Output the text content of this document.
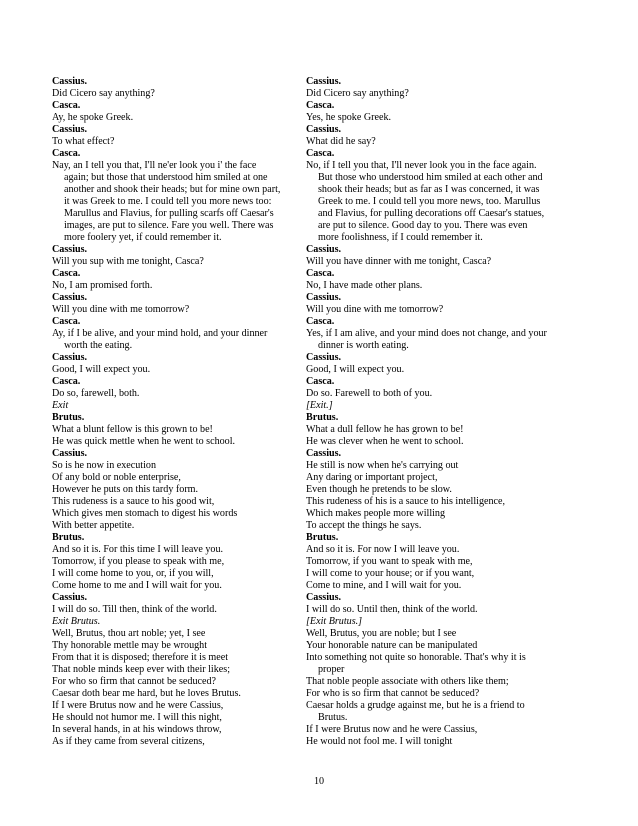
Cassius.
Did Cicero say anything?
Casca.
Ay, he spoke Greek.
Cassius.
To what effect?
Casca.
Nay, an I tell you that, I'll ne'er look you i' the face
again; but those that understood him smiled at one
another and shook their heads; but for mine own part,
it was Greek to me. I could tell you more news too:
Marullus and Flavius, for pulling scarfs off Caesar's
images, are put to silence. Fare you well. There was
more foolery yet, if could remember it.
Cassius.
Will you sup with me tonight, Casca?
Casca.
No, I am promised forth.
Cassius.
Will you dine with me tomorrow?
Casca.
Ay, if I be alive, and your mind hold, and your dinner
worth the eating.
Cassius.
Good, I will expect you.
Casca.
Do so, farewell, both.
Exit
Brutus.
What a blunt fellow is this grown to be!
He was quick mettle when he went to school.
Cassius.
So is he now in execution
Of any bold or noble enterprise,
However he puts on this tardy form.
This rudeness is a sauce to his good wit,
Which gives men stomach to digest his words
With better appetite.
Brutus.
And so it is. For this time I will leave you.
Tomorrow, if you please to speak with me,
I will come home to you, or, if you will,
Come home to me and I will wait for you.
Cassius.
I will do so. Till then, think of the world.
Exit Brutus.
Well, Brutus, thou art noble; yet, I see
Thy honorable mettle may be wrought
From that it is disposed; therefore it is meet
That noble minds keep ever with their likes;
For who so firm that cannot be seduced?
Caesar doth bear me hard, but he loves Brutus.
If I were Brutus now and he were Cassius,
He should not humor me. I will this night,
In several hands, in at his windows throw,
As if they came from several citizens,
Cassius.
Did Cicero say anything?
Casca.
Yes, he spoke Greek.
Cassius.
What did he say?
Casca.
No, if I tell you that, I'll never look you in the face again.
But those who understood him smiled at each other and
shook their heads; but as far as I was concerned, it was
Greek to me. I could tell you more news, too. Marullus
and Flavius, for pulling decorations off Caesar's statues,
are put to silence. Good day to you. There was even
more foolishness, if I could remember it.
Cassius.
Will you have dinner with me tonight, Casca?
Casca.
No, I have made other plans.
Cassius.
Will you dine with me tomorrow?
Casca.
Yes, if I am alive, and your mind does not change, and your
dinner is worth eating.
Cassius.
Good, I will expect you.
Casca.
Do so. Farewell to both of you.
[Exit.]
Brutus.
What a dull fellow he has grown to be!
He was clever when he went to school.
Cassius.
He still is now when he's carrying out
Any daring or important project,
Even though he pretends to be slow.
This rudeness of his is a sauce to his intelligence,
Which makes people more willing
To accept the things he says.
Brutus.
And so it is. For now I will leave you.
Tomorrow, if you want to speak with me,
I will come to your house; or if you want,
Come to mine, and I will wait for you.
Cassius.
I will do so. Until then, think of the world.
[Exit Brutus.]
Well, Brutus, you are noble; but I see
Your honorable nature can be manipulated
Into something not quite so honorable. That's why it is
proper
That noble people associate with others like them;
For who is so firm that cannot be seduced?
Caesar holds a grudge against me, but he is a friend to
Brutus.
If I were Brutus now and he were Cassius,
He would not fool me. I will tonight
10
